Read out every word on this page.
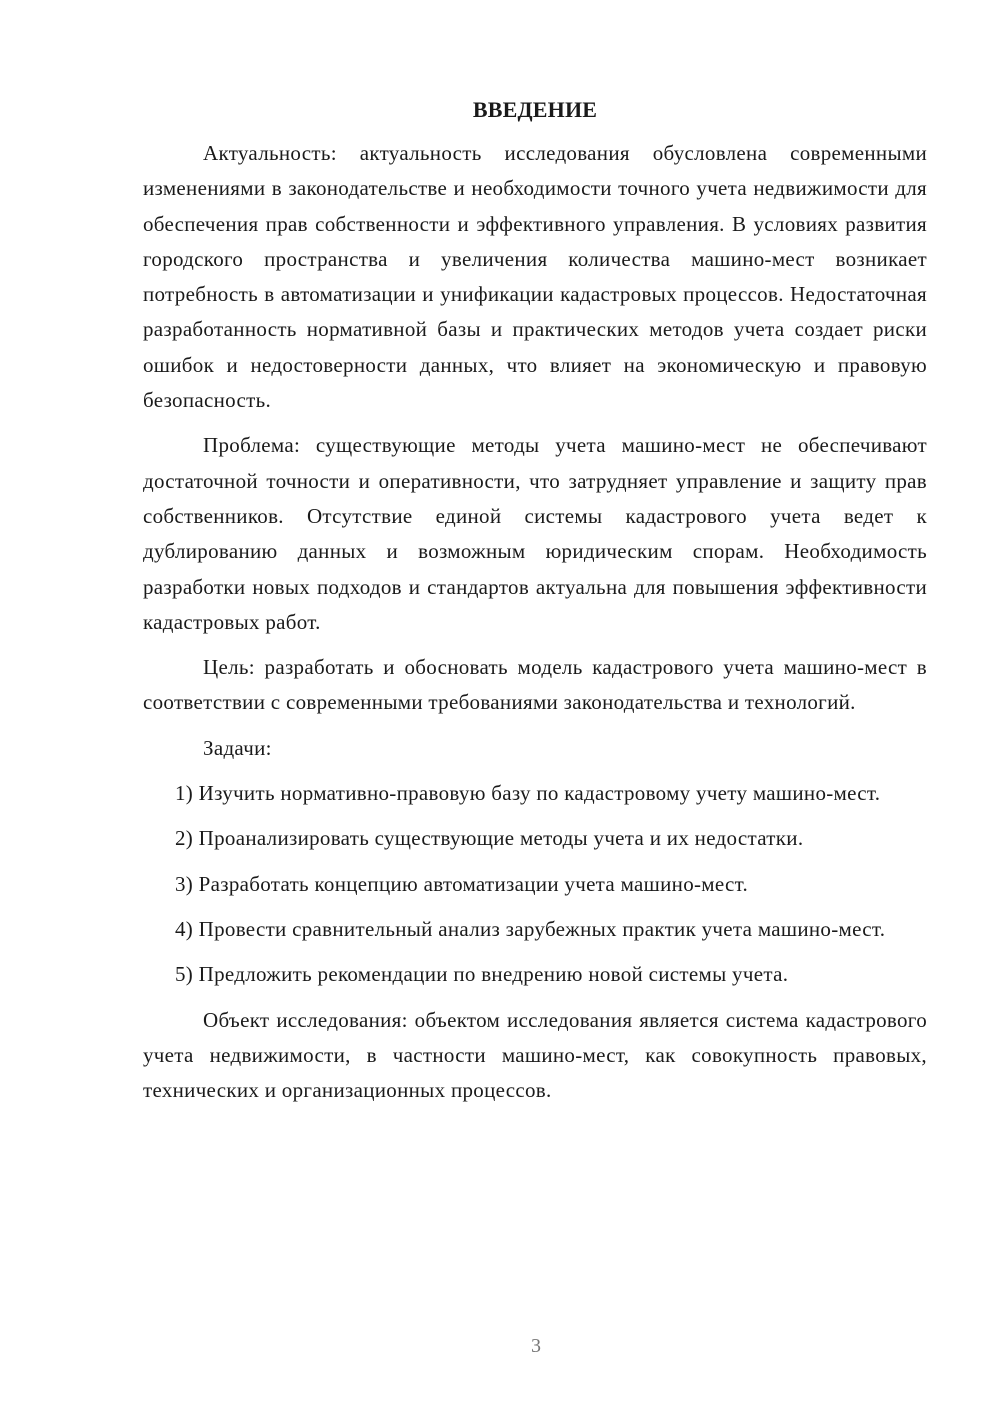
ВВЕДЕНИЕ

Актуальность: актуальность исследования обусловлена современными изменениями в законодательстве и необходимости точного учета недвижимости для обеспечения прав собственности и эффективного управления. В условиях развития городского пространства и увеличения количества машино-мест возникает потребность в автоматизации и унификации кадастровых процессов. Недостаточная разработанность нормативной базы и практических методов учета создает риски ошибок и недостоверности данных, что влияет на экономическую и правовую безопасность.

Проблема: существующие методы учета машино-мест не обеспечивают достаточной точности и оперативности, что затрудняет управление и защиту прав собственников. Отсутствие единой системы кадастрового учета ведет к дублированию данных и возможным юридическим спорам. Необходимость разработки новых подходов и стандартов актуальна для повышения эффективности кадастровых работ.

Цель: разработать и обосновать модель кадастрового учета машино-мест в соответствии с современными требованиями законодательства и технологий.

Задачи:

1) Изучить нормативно-правовую базу по кадастровому учету машино-мест.

2) Проанализировать существующие методы учета и их недостатки.

3) Разработать концепцию автоматизации учета машино-мест.

4) Провести сравнительный анализ зарубежных практик учета машино-мест.

5) Предложить рекомендации по внедрению новой системы учета.

Объект исследования: объектом исследования является система кадастрового учета недвижимости, в частности машино-мест, как совокупность правовых, технических и организационных процессов.

3
